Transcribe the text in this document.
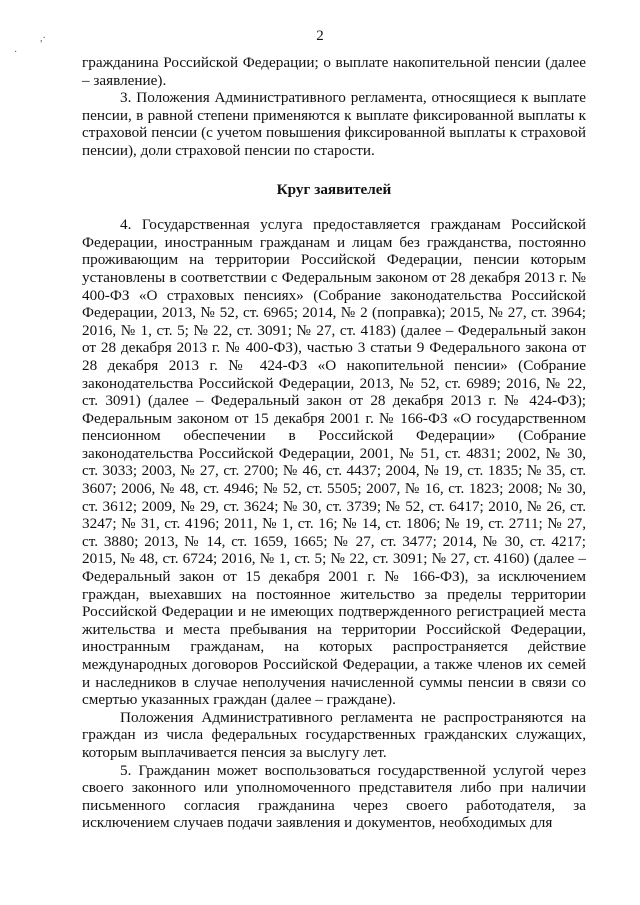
,·
·
2

гражданина Российской Федерации; о выплате накопительной пенсии (далее – заявление).

3. Положения Административного регламента, относящиеся к выплате пенсии, в равной степени применяются к выплате фиксированной выплаты к страховой пенсии (с учетом повышения фиксированной выплаты к страховой пенсии), доли страховой пенсии по старости.

Круг заявителей

4. Государственная услуга предоставляется гражданам Российской Федерации, иностранным гражданам и лицам без гражданства, постоянно проживающим на территории Российской Федерации, пенсии которым установлены в соответствии с Федеральным законом от 28 декабря 2013 г. № 400-ФЗ «О страховых пенсиях» (Собрание законодательства Российской Федерации, 2013, № 52, ст. 6965; 2014, № 2 (поправка); 2015, № 27, ст. 3964; 2016, № 1, ст. 5; № 22, ст. 3091; № 27, ст. 4183) (далее – Федеральный закон от 28 декабря 2013 г. № 400-ФЗ), частью 3 статьи 9 Федерального закона от 28 декабря 2013 г. № 424-ФЗ «О накопительной пенсии» (Собрание законодательства Российской Федерации, 2013, № 52, ст. 6989; 2016, № 22, ст. 3091) (далее – Федеральный закон от 28 декабря 2013 г. № 424-ФЗ); Федеральным законом от 15 декабря 2001 г. № 166-ФЗ «О государственном пенсионном обеспечении в Российской Федерации» (Собрание законодательства Российской Федерации, 2001, № 51, ст. 4831; 2002, № 30, ст. 3033; 2003, № 27, ст. 2700; № 46, ст. 4437; 2004, № 19, ст. 1835; № 35, ст. 3607; 2006, № 48, ст. 4946; № 52, ст. 5505; 2007, № 16, ст. 1823; 2008; № 30, ст. 3612; 2009, № 29, ст. 3624; № 30, ст. 3739; № 52, ст. 6417; 2010, № 26, ст. 3247; № 31, ст. 4196; 2011, № 1, ст. 16; № 14, ст. 1806; № 19, ст. 2711; № 27, ст. 3880; 2013, № 14, ст. 1659, 1665; № 27, ст. 3477; 2014, № 30, ст. 4217; 2015, № 48, ст. 6724; 2016, № 1, ст. 5; № 22, ст. 3091; № 27, ст. 4160) (далее – Федеральный закон от 15 декабря 2001 г. № 166-ФЗ), за исключением граждан, выехавших на постоянное жительство за пределы территории Российской Федерации и не имеющих подтвержденного регистрацией места жительства и места пребывания на территории Российской Федерации, иностранным гражданам, на которых распространяется действие международных договоров Российской Федерации, а также членов их семей и наследников в случае неполучения начисленной суммы пенсии в связи со смертью указанных граждан (далее – граждане).

Положения Административного регламента не распространяются на граждан из числа федеральных государственных гражданских служащих, которым выплачивается пенсия за выслугу лет.

5. Гражданин может воспользоваться государственной услугой через своего законного или уполномоченного представителя либо при наличии письменного согласия гражданина через своего работодателя, за исключением случаев подачи заявления и документов, необходимых для
